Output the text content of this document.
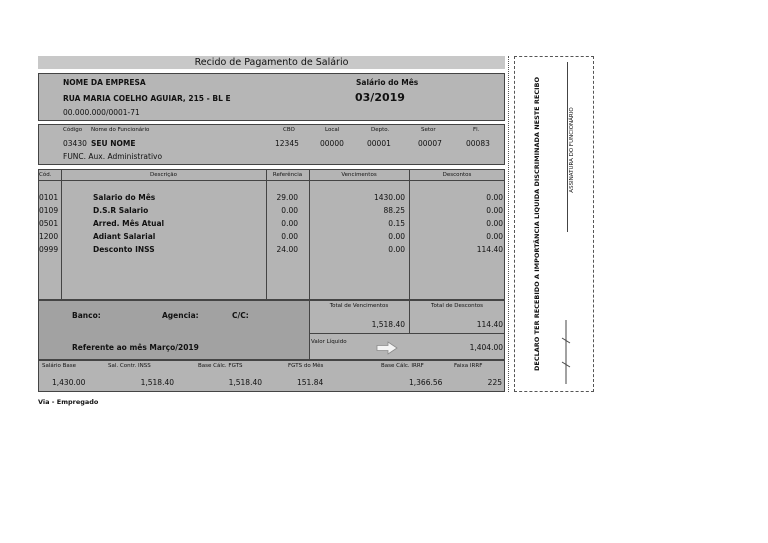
Recido de Pagamento de Salário
NOME DA EMPRESA
RUA MARIA COELHO AGUIAR, 215 - BL E
00.000.000/0001-71
Salário do Mês
03/2019
Código Nome do Funcionário	CBO	Local	Depto.	Setor	Fl.
03430 SEU NOME	12345	00000	00001	00007	00083
FUNC. Aux. Administrativo
Cód.	Descrição	Referência	Vencimentos	Descontos
0101	Salario do Mês	29.00	1430.00	0.00
0109	D.S.R Salario	0.00	88.25	0.00
0501	Arred. Mês Atual	0.00	0.15	0.00
1200	Adiant Salarial	0.00	0.00	0.00
0999	Desconto INSS	24.00	0.00	114.40
Banco:	Agencia:	C/C:
Referente ao mês Março/2019
Total de Vencimentos
1,518.40
Total de Descontos
114.40
Valor Líquido
1,404.00
Salário Base	Sal. Contr. INSS	Base Cálc. FGTS	FGTS do Mês	Base Cálc. IRRF	Faixa IRRF
1,430.00	1,518.40	1,518.40	151.84	1,366.56	225
Via - Empregado
DECLARO TER RECEBIDO A IMPORTÂNCIA LIQUIDA DISCRIMINADA NESTE RECIBO	ASSINATURA DO FUNCIONÁRIO
